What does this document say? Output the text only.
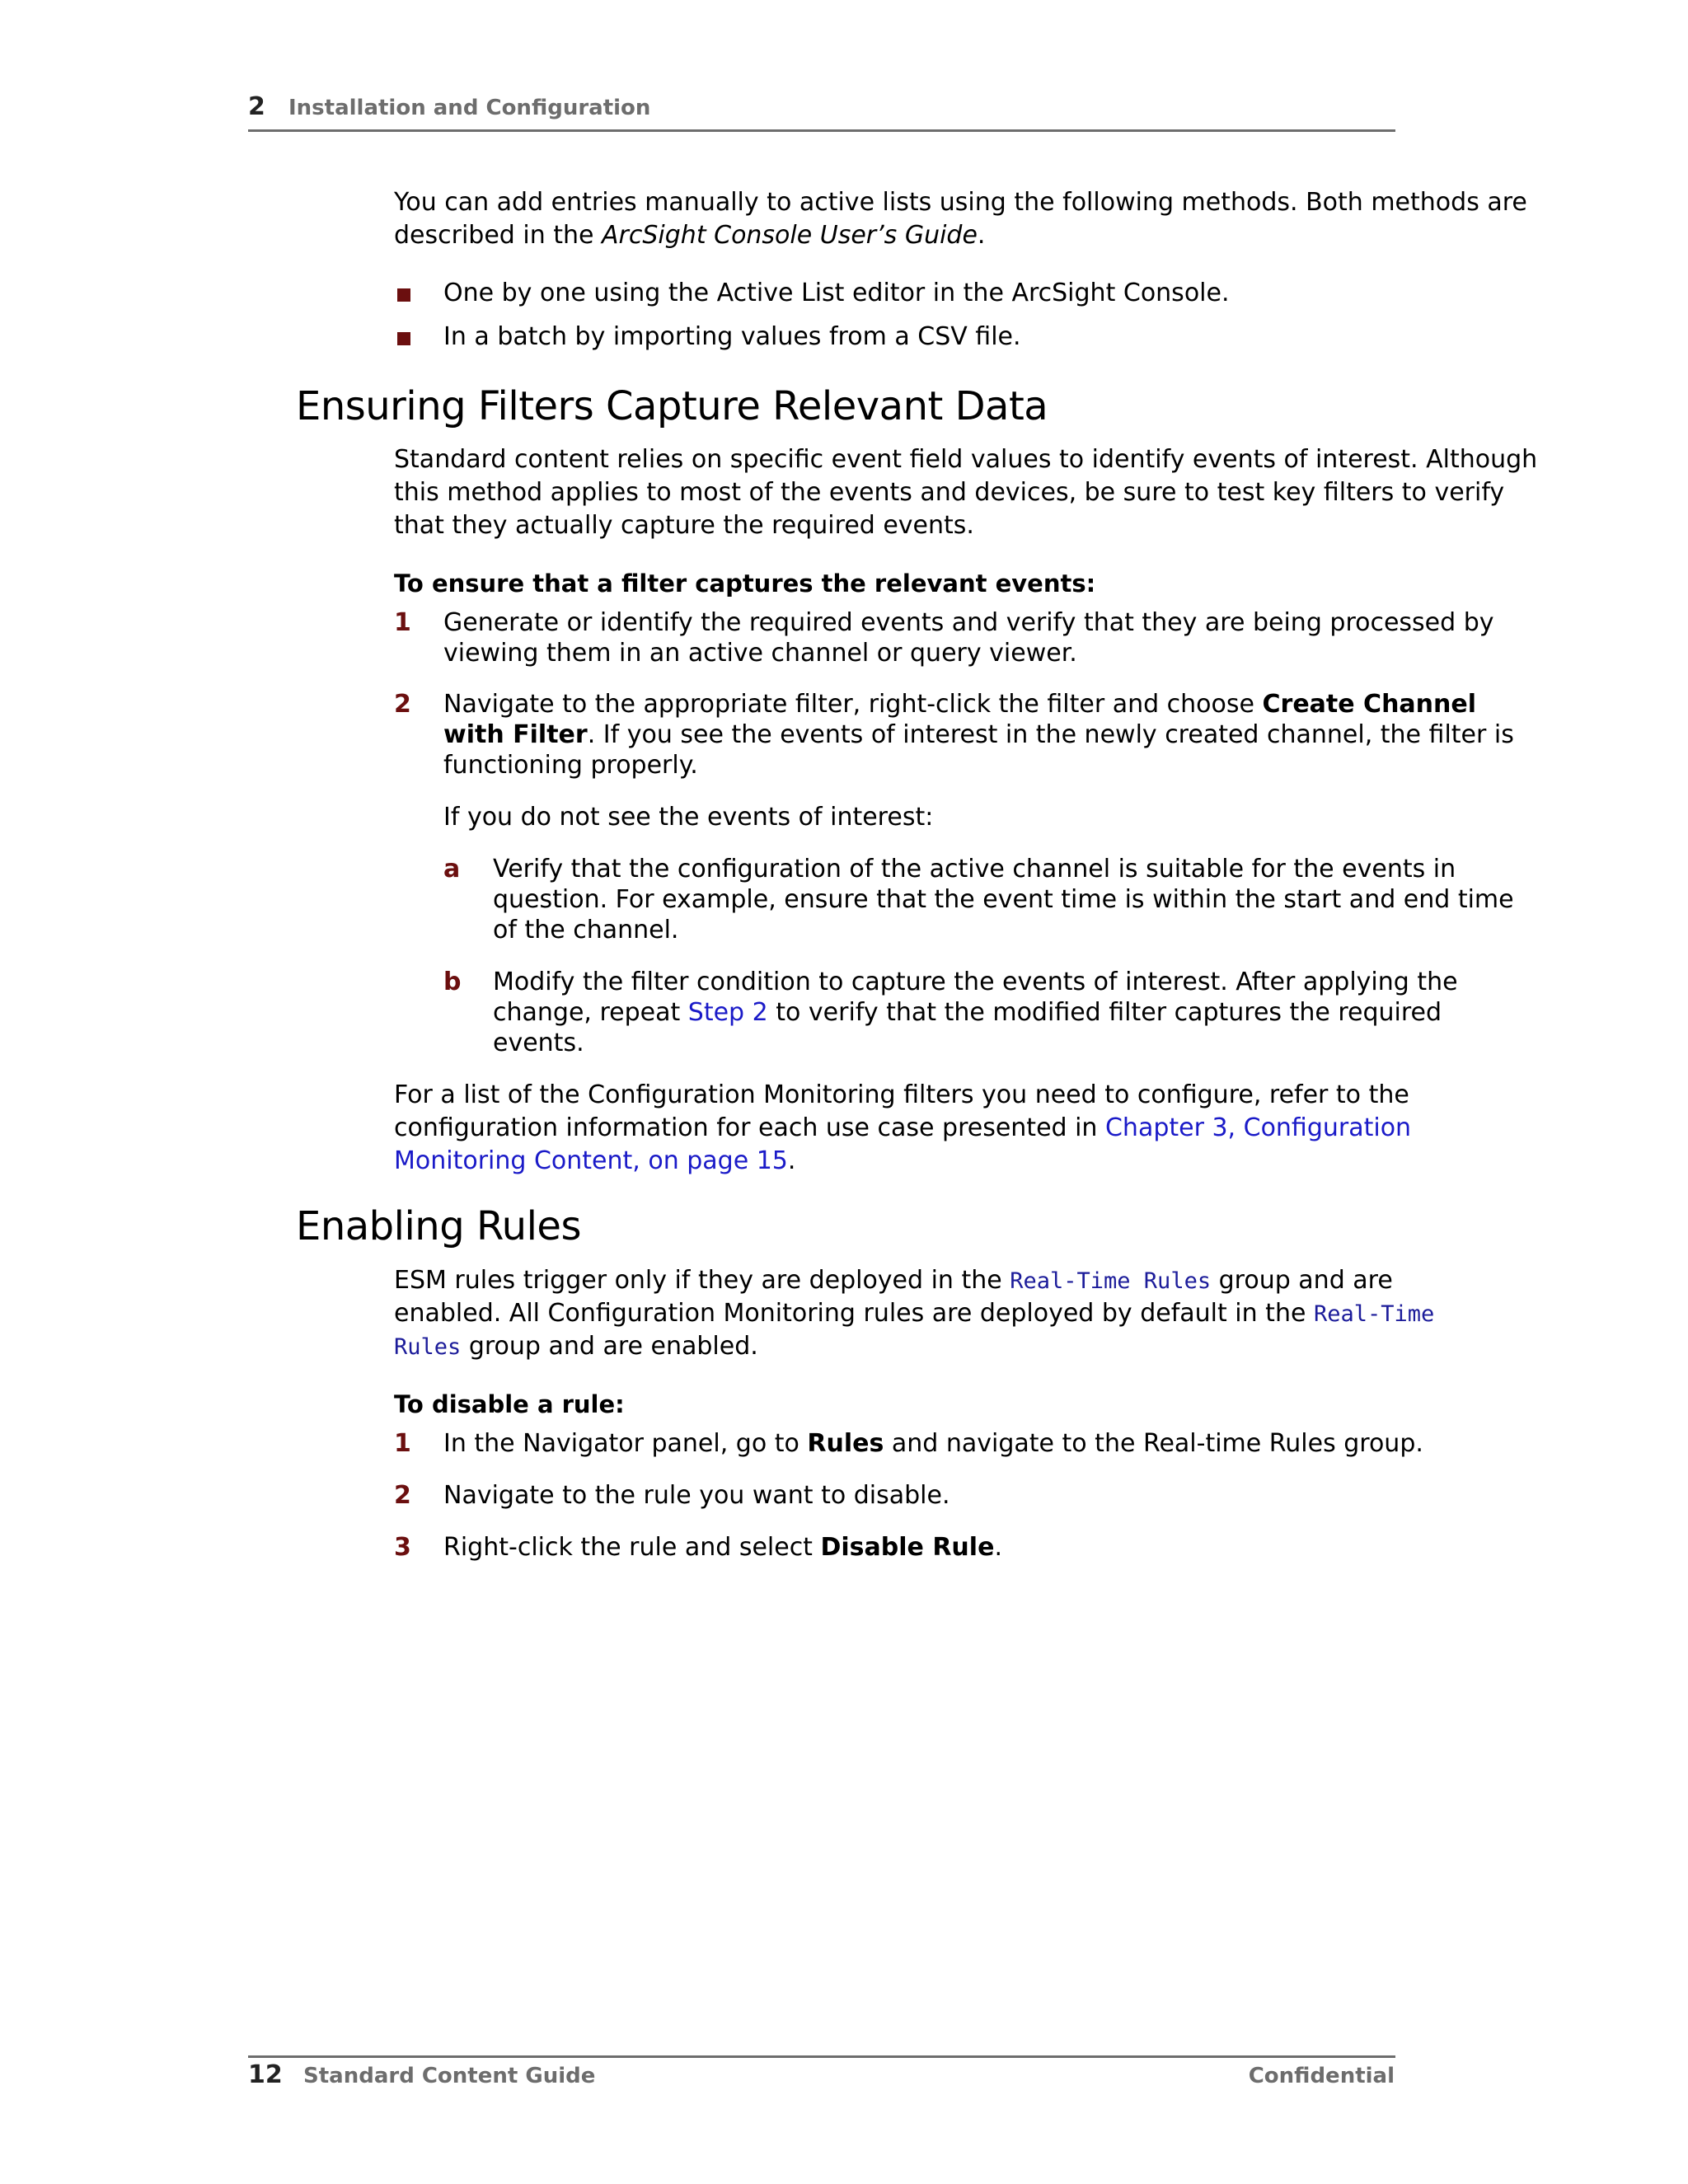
2 Installation and Configuration
You can add entries manually to active lists using the following methods. Both methods are
described in the ArcSight Console User’s Guide.
One by one using the Active List editor in the ArcSight Console.
In a batch by importing values from a CSV file.
Ensuring Filters Capture Relevant Data
Standard content relies on specific event field values to identify events of interest. Although
this method applies to most of the events and devices, be sure to test key filters to verify
that they actually capture the required events.
To ensure that a filter captures the relevant events:
1 Generate or identify the required events and verify that they are being processed by
viewing them in an active channel or query viewer.
2 Navigate to the appropriate filter, right-click the filter and choose Create Channel
with Filter. If you see the events of interest in the newly created channel, the filter is
functioning properly.
If you do not see the events of interest:
a Verify that the configuration of the active channel is suitable for the events in
question. For example, ensure that the event time is within the start and end time
of the channel.
b Modify the filter condition to capture the events of interest. After applying the
change, repeat Step 2 to verify that the modified filter captures the required
events.
For a list of the Configuration Monitoring filters you need to configure, refer to the
configuration information for each use case presented in Chapter 3, Configuration
Monitoring Content, on page 15.
Enabling Rules
ESM rules trigger only if they are deployed in the Real-Time Rules group and are
enabled. All Configuration Monitoring rules are deployed by default in the Real-Time
Rules group and are enabled.
To disable a rule:
1 In the Navigator panel, go to Rules and navigate to the Real-time Rules group.
2 Navigate to the rule you want to disable.
3 Right-click the rule and select Disable Rule.
12 Standard Content Guide	Confidential
